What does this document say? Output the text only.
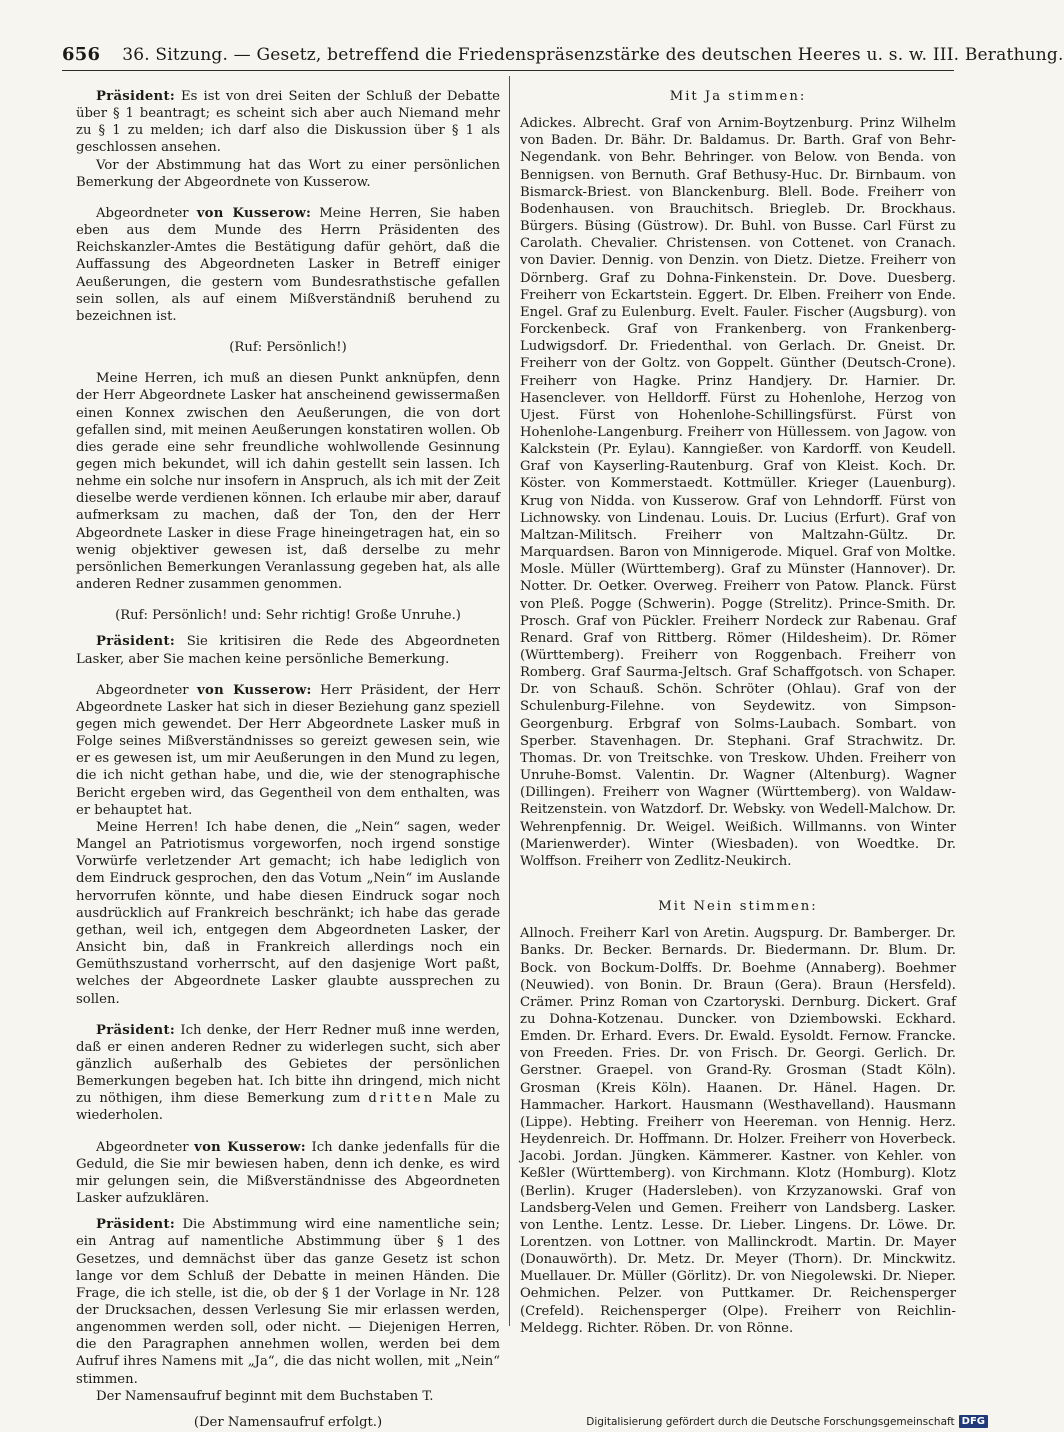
656 36. Sitzung. — Gesetz, betreffend die Friedenspräsenzstärke des deutschen Heeres u. s. w. III. Berathung.

Präsident: Es ist von drei Seiten der Schluß der Debatte über § 1 beantragt; es scheint sich aber auch Niemand mehr zu § 1 zu melden; ich darf also die Diskussion über § 1 als geschlossen ansehen.

Vor der Abstimmung hat das Wort zu einer persönlichen Bemerkung der Abgeordnete von Kusserow.

Abgeordneter von Kusserow: Meine Herren, Sie haben eben aus dem Munde des Herrn Präsidenten des Reichskanzler-Amtes die Bestätigung dafür gehört, daß die Auffassung des Abgeordneten Lasker in Betreff einiger Aeußerungen, die gestern vom Bundesrathstische gefallen sein sollen, als auf einem Mißverständniß beruhend zu bezeichnen ist.

(Ruf: Persönlich!)

Meine Herren, ich muß an diesen Punkt anknüpfen, denn der Herr Abgeordnete Lasker hat anscheinend gewissermaßen einen Konnex zwischen den Aeußerungen, die von dort gefallen sind, mit meinen Aeußerungen konstatiren wollen. Ob dies gerade eine sehr freundliche wohlwollende Gesinnung gegen mich bekundet, will ich dahin gestellt sein lassen. Ich nehme ein solche nur insofern in Anspruch, als ich mit der Zeit dieselbe werde verdienen können. Ich erlaube mir aber, darauf aufmerksam zu machen, daß der Ton, den der Herr Abgeordnete Lasker in diese Frage hineingetragen hat, ein so wenig objektiver gewesen ist, daß derselbe zu mehr persönlichen Bemerkungen Veranlassung gegeben hat, als alle anderen Redner zusammen genommen.

(Ruf: Persönlich! und: Sehr richtig! Große Unruhe.)

Präsident: Sie kritisiren die Rede des Abgeordneten Lasker, aber Sie machen keine persönliche Bemerkung.

Abgeordneter von Kusserow: Herr Präsident, der Herr Abgeordnete Lasker hat sich in dieser Beziehung ganz speziell gegen mich gewendet. Der Herr Abgeordnete Lasker muß in Folge seines Mißverständnisses so gereizt gewesen sein, wie er es gewesen ist, um mir Aeußerungen in den Mund zu legen, die ich nicht gethan habe, und die, wie der stenographische Bericht ergeben wird, das Gegentheil von dem enthalten, was er behauptet hat.

Meine Herren! Ich habe denen, die „Nein“ sagen, weder Mangel an Patriotismus vorgeworfen, noch irgend sonstige Vorwürfe verletzender Art gemacht; ich habe lediglich von dem Eindruck gesprochen, den das Votum „Nein“ im Auslande hervorrufen könnte, und habe diesen Eindruck sogar noch ausdrücklich auf Frankreich beschränkt; ich habe das gerade gethan, weil ich, entgegen dem Abgeordneten Lasker, der Ansicht bin, daß in Frankreich allerdings noch ein Gemüthszustand vorherrscht, auf den dasjenige Wort paßt, welches der Abgeordnete Lasker glaubte aussprechen zu sollen.

Präsident: Ich denke, der Herr Redner muß inne werden, daß er einen anderen Redner zu widerlegen sucht, sich aber gänzlich außerhalb des Gebietes der persönlichen Bemerkungen begeben hat. Ich bitte ihn dringend, mich nicht zu nöthigen, ihm diese Bemerkung zum dritten Male zu wiederholen.

Abgeordneter von Kusserow: Ich danke jedenfalls für die Geduld, die Sie mir bewiesen haben, denn ich denke, es wird mir gelungen sein, die Mißverständnisse des Abgeordneten Lasker aufzuklären.

Präsident: Die Abstimmung wird eine namentliche sein; ein Antrag auf namentliche Abstimmung über § 1 des Gesetzes, und demnächst über das ganze Gesetz ist schon lange vor dem Schluß der Debatte in meinen Händen. Die Frage, die ich stelle, ist die, ob der § 1 der Vorlage in Nr. 128 der Drucksachen, dessen Verlesung Sie mir erlassen werden, angenommen werden soll, oder nicht. — Diejenigen Herren, die den Paragraphen annehmen wollen, werden bei dem Aufruf ihres Namens mit „Ja“, die das nicht wollen, mit „Nein“ stimmen.

Der Namensaufruf beginnt mit dem Buchstaben T.

(Der Namensaufruf erfolgt.)

Mit Ja stimmen:

Adickes. Albrecht. Graf von Arnim-Boytzenburg. Prinz Wilhelm von Baden. Dr. Bähr. Dr. Baldamus. Dr. Barth. Graf von Behr-Negendank. von Behr. Behringer. von Below. von Benda. von Bennigsen. von Bernuth. Graf Bethusy-Huc. Dr. Birnbaum. von Bismarck-Briest. von Blanckenburg. Blell. Bode. Freiherr von Bodenhausen. von Brauchitsch. Briegleb. Dr. Brockhaus. Bürgers. Büsing (Güstrow). Dr. Buhl. von Busse. Carl Fürst zu Carolath. Chevalier. Christensen. von Cottenet. von Cranach. von Davier. Dennig. von Denzin. von Dietz. Dietze. Freiherr von Dörnberg. Graf zu Dohna-Finkenstein. Dr. Dove. Duesberg. Freiherr von Eckartstein. Eggert. Dr. Elben. Freiherr von Ende. Engel. Graf zu Eulenburg. Evelt. Fauler. Fischer (Augsburg). von Forckenbeck. Graf von Frankenberg. von Frankenberg-Ludwigsdorf. Dr. Friedenthal. von Gerlach. Dr. Gneist. Dr. Freiherr von der Goltz. von Goppelt. Günther (Deutsch-Crone). Freiherr von Hagke. Prinz Handjery. Dr. Harnier. Dr. Hasenclever. von Helldorff. Fürst zu Hohenlohe, Herzog von Ujest. Fürst von Hohenlohe-Schillingsfürst. Fürst von Hohenlohe-Langenburg. Freiherr von Hüllessem. von Jagow. von Kalckstein (Pr. Eylau). Kanngießer. von Kardorff. von Keudell. Graf von Kayserling-Rautenburg. Graf von Kleist. Koch. Dr. Köster. von Kommerstaedt. Kottmüller. Krieger (Lauenburg). Krug von Nidda. von Kusserow. Graf von Lehndorff. Fürst von Lichnowsky. von Lindenau. Louis. Dr. Lucius (Erfurt). Graf von Maltzan-Militsch. Freiherr von Maltzahn-Gültz. Dr. Marquardsen. Baron von Minnigerode. Miquel. Graf von Moltke. Mosle. Müller (Württemberg). Graf zu Münster (Hannover). Dr. Notter. Dr. Oetker. Overweg. Freiherr von Patow. Planck. Fürst von Pleß. Pogge (Schwerin). Pogge (Strelitz). Prince-Smith. Dr. Prosch. Graf von Pückler. Freiherr Nordeck zur Rabenau. Graf Renard. Graf von Rittberg. Römer (Hildesheim). Dr. Römer (Württemberg). Freiherr von Roggenbach. Freiherr von Romberg. Graf Saurma-Jeltsch. Graf Schaffgotsch. von Schaper. Dr. von Schauß. Schön. Schröter (Ohlau). Graf von der Schulenburg-Filehne. von Seydewitz. von Simpson-Georgenburg. Erbgraf von Solms-Laubach. Sombart. von Sperber. Stavenhagen. Dr. Stephani. Graf Strachwitz. Dr. Thomas. Dr. von Treitschke. von Treskow. Uhden. Freiherr von Unruhe-Bomst. Valentin. Dr. Wagner (Altenburg). Wagner (Dillingen). Freiherr von Wagner (Württemberg). von Waldaw-Reitzenstein. von Watzdorf. Dr. Websky. von Wedell-Malchow. Dr. Wehrenpfennig. Dr. Weigel. Weißich. Willmanns. von Winter (Marienwerder). Winter (Wiesbaden). von Woedtke. Dr. Wolffson. Freiherr von Zedlitz-Neukirch.

Mit Nein stimmen:

Allnoch. Freiherr Karl von Aretin. Augspurg. Dr. Bamberger. Dr. Banks. Dr. Becker. Bernards. Dr. Biedermann. Dr. Blum. Dr. Bock. von Bockum-Dolffs. Dr. Boehme (Annaberg). Boehmer (Neuwied). von Bonin. Dr. Braun (Gera). Braun (Hersfeld). Crämer. Prinz Roman von Czartoryski. Dernburg. Dickert. Graf zu Dohna-Kotzenau. Duncker. von Dziembowski. Eckhard. Emden. Dr. Erhard. Evers. Dr. Ewald. Eysoldt. Fernow. Francke. von Freeden. Fries. Dr. von Frisch. Dr. Georgi. Gerlich. Dr. Gerstner. Graepel. von Grand-Ry. Grosman (Stadt Köln). Grosman (Kreis Köln). Haanen. Dr. Hänel. Hagen. Dr. Hammacher. Harkort. Hausmann (Westhavelland). Hausmann (Lippe). Hebting. Freiherr von Heereman. von Hennig. Herz. Heydenreich. Dr. Hoffmann. Dr. Holzer. Freiherr von Hoverbeck. Jacobi. Jordan. Jüngken. Kämmerer. Kastner. von Kehler. von Keßler (Württemberg). von Kirchmann. Klotz (Homburg). Klotz (Berlin). Kruger (Hadersleben). von Krzyzanowski. Graf von Landsberg-Velen und Gemen. Freiherr von Landsberg. Lasker. von Lenthe. Lentz. Lesse. Dr. Lieber. Lingens. Dr. Löwe. Dr. Lorentzen. von Lottner. von Mallinckrodt. Martin. Dr. Mayer (Donauwörth). Dr. Metz. Dr. Meyer (Thorn). Dr. Minckwitz. Muellauer. Dr. Müller (Görlitz). Dr. von Niegolewski. Dr. Nieper. Oehmichen. Pelzer. von Puttkamer. Dr. Reichensperger (Crefeld). Reichensperger (Olpe). Freiherr von Reichlin-Meldegg. Richter. Röben. Dr. von Rönne.

Digitalisierung gefördert durch die Deutsche Forschungsgemeinschaft DFG
